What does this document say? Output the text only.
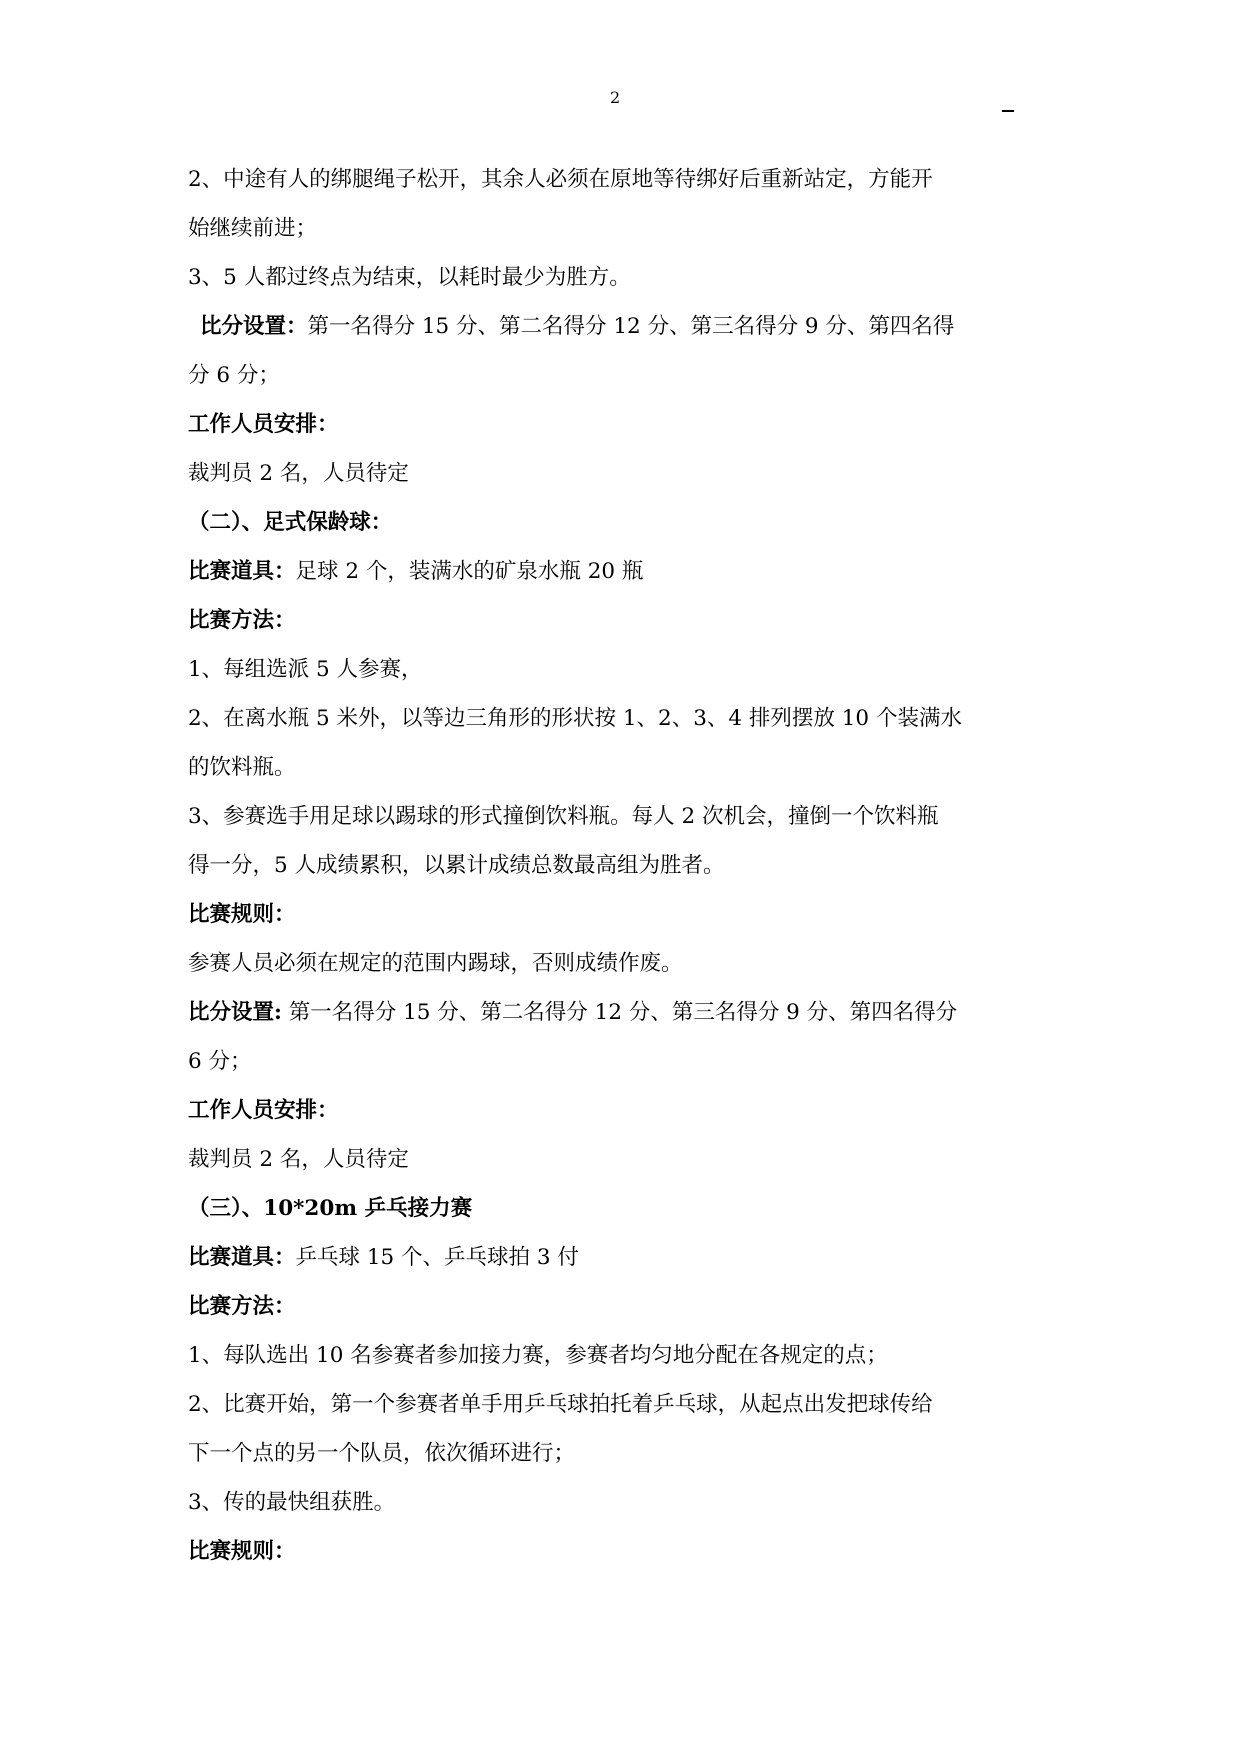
2

2、中途有人的绑腿绳子松开，其余人必须在原地等待绑好后重新站定，方能开

始继续前进；

3、5 人都过终点为结束，以耗时最少为胜方。

比分设置：第一名得分 15 分、第二名得分 12 分、第三名得分 9 分、第四名得

分 6 分；

工作人员安排：

裁判员 2 名，人员待定

（二）、足式保龄球：

比赛道具：足球 2 个，装满水的矿泉水瓶 20 瓶

比赛方法：

1、每组选派 5 人参赛，

2、在离水瓶 5 米外，以等边三角形的形状按 1、2、3、4 排列摆放 10 个装满水

的饮料瓶。

3、参赛选手用足球以踢球的形式撞倒饮料瓶。每人 2 次机会，撞倒一个饮料瓶

得一分，5 人成绩累积，以累计成绩总数最高组为胜者。

比赛规则：

参赛人员必须在规定的范围内踢球，否则成绩作废。

比分设置: 第一名得分 15 分、第二名得分 12 分、第三名得分 9 分、第四名得分

6 分；

工作人员安排：

裁判员 2 名，人员待定

（三）、10*20m 乒乓接力赛

比赛道具：乒乓球 15 个、乒乓球拍 3 付

比赛方法：

1、每队选出 10 名参赛者参加接力赛，参赛者均匀地分配在各规定的点；

2、比赛开始，第一个参赛者单手用乒乓球拍托着乒乓球，从起点出发把球传给

下一个点的另一个队员，依次循环进行；

3、传的最快组获胜。

比赛规则：
